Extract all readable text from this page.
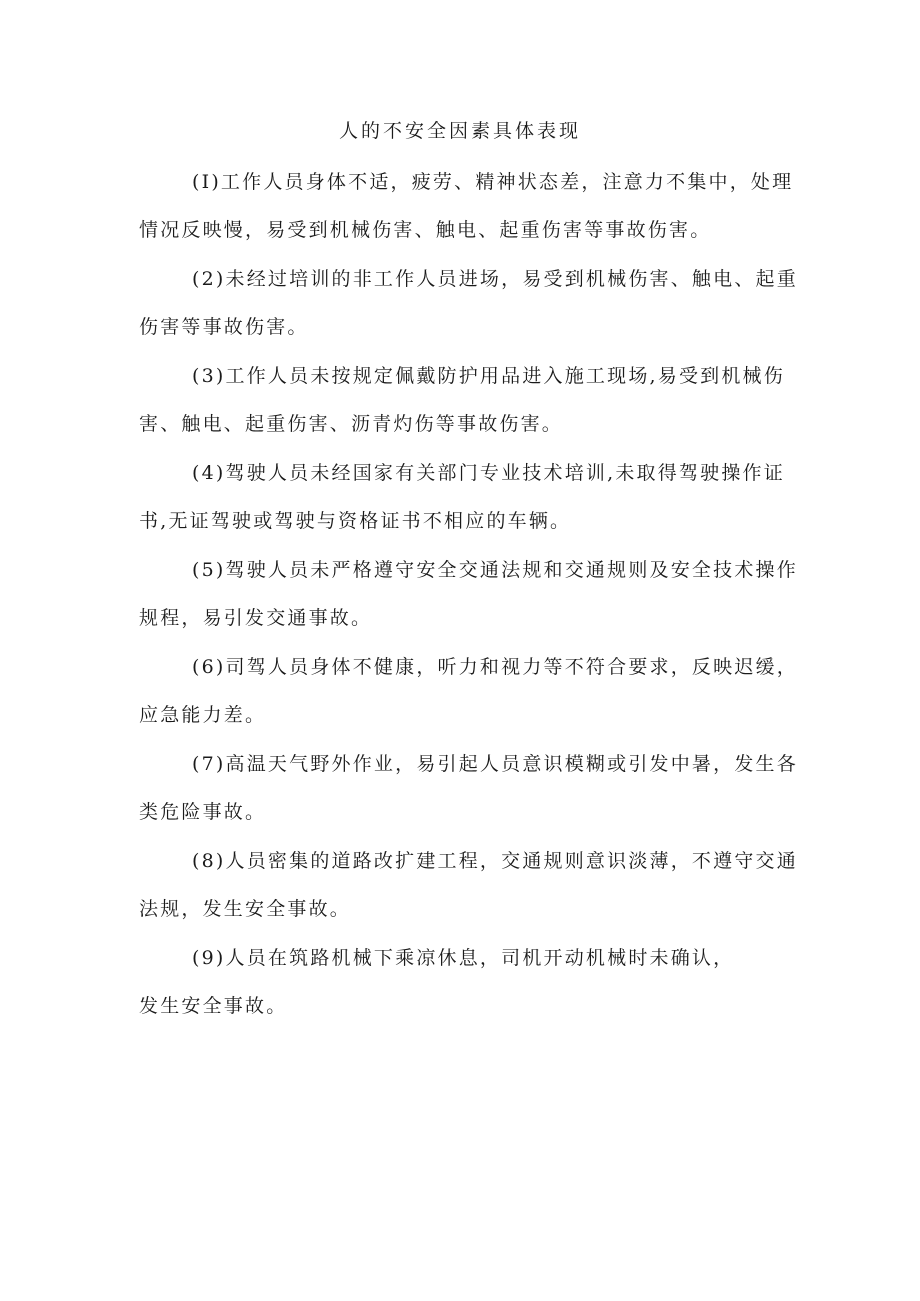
人的不安全因素具体表现

(I)工作人员身体不适，疲劳、精神状态差，注意力不集中，处理情况反映慢，易受到机械伤害、触电、起重伤害等事故伤害。

(2)未经过培训的非工作人员进场，易受到机械伤害、触电、起重伤害等事故伤害。

(3)工作人员未按规定佩戴防护用品进入施工现场,易受到机械伤害、触电、起重伤害、沥青灼伤等事故伤害。

(4)驾驶人员未经国家有关部门专业技术培训,未取得驾驶操作证书,无证驾驶或驾驶与资格证书不相应的车辆。

(5)驾驶人员未严格遵守安全交通法规和交通规则及安全技术操作规程，易引发交通事故。

(6)司驾人员身体不健康，听力和视力等不符合要求，反映迟缓，应急能力差。

(7)高温天气野外作业，易引起人员意识模糊或引发中暑，发生各类危险事故。

(8)人员密集的道路改扩建工程，交通规则意识淡薄，不遵守交通法规，发生安全事故。

(9)人员在筑路机械下乘凉休息，司机开动机械时未确认，发生安全事故。
